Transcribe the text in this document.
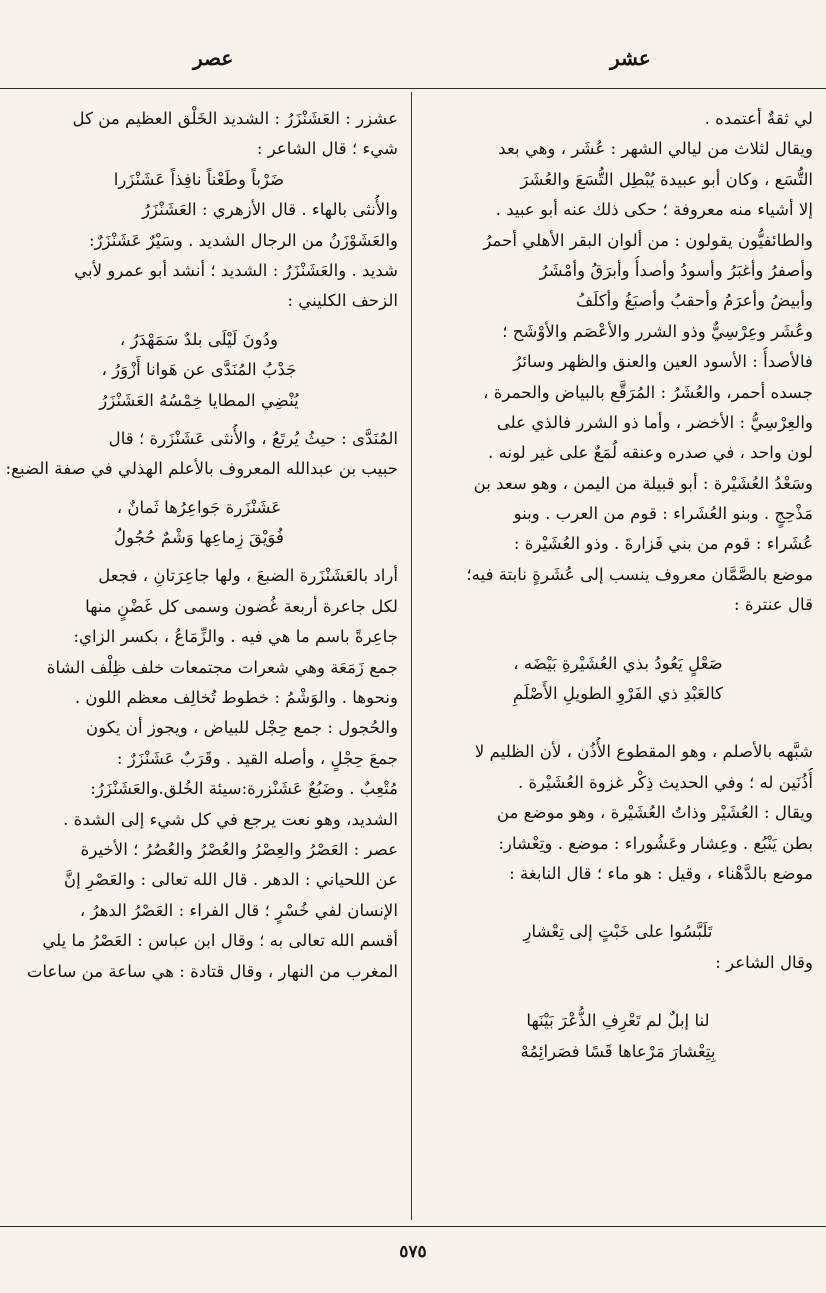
عشر
عصر
لي ثقةٌ أعتمده .
ويقال لثلاث من ليالي الشهر : عُشَر ، وهي بعد
التُّسَع ، وكان أبو عبيدة يُبْطِل التُّسَعَ والعُشَرَ
إلا أشياء منه معروفة ؛ حكى ذلك عنه أبو عبيد .
والطائفيُّون يقولون : من ألوان البقر الأهلي أحمرُ
وأصفرُ وأغبَرُ وأسودُ وأصدأُ وأبرَقُ وأمْشَرُ
وأبيضُ وأعرَمُ وأحقبُ وأصبَغُ وأكلَفُ
وعُشَر وعِرْسِيٌّ وذو الشرر والأعْصَم والأوْشَح ؛
فالأصدأُ : الأسود العين والعنق والظهر وسائرُ
جسده أحمر، والعُشَرُ : المُرَقَّع بالبياض والحمرة ،
والعِرْسِيُّ : الأخضر ، وأما ذو الشرر فالذي على
لون واحد ، في صدره وعنقه لُمَعٌ على غير لونه .
وسَعْدُ العُشَيْرة : أبو قبيلة من اليمن ، وهو سعد بن
مَذْحِجٍ . وبنو العُشَراء : قوم من العرب . وبنو
عُشَراء : قوم من بني فَزارةَ . وذو العُشَيْرة :
موضع بالصَّمَّان معروف ينسب إلى عُشَرةٍ نابتة فيه؛
قال عنترة :
صَعْلٍ يَعُودُ بذي العُشَيْرةِ بَيْضَه ،
كالعَبْدِ ذي الفَرْوِ الطويلِ الأَصْلَمِ
شبَّهه بالأصلم ، وهو المقطوع الأُذُن ، لأن الظليم لا
أُذُنَين له ؛ وفي الحديث ذِكْر غزوة العُشَيْرة .
ويقال : العُشَيْر وذاتُ العُشَيْرة ، وهو موضع من
بطن يَنْبُع . وعِشار وعَشُوراء : موضع . وتِعْشار:
موضع بالدَّهْناء ، وقيل : هو ماء ؛ قال النابغة :
تَلَبَّسُوا على خَبْتٍ إلى تِعْشارِ
وقال الشاعر :
لنا إبلٌ لم تَعْرِفِ الذُّعْرَ بَيْنَها
بِتِعْشارَ مَرْعاها قَسًا فصَرائِمُهْ
عشزر : العَشَنْزَرُ : الشديد الخَلْق العظيم من كل
شيء ؛ قال الشاعر :
ضَرْباً وطَعْناً نافِذاً عَشَنْزَرا
والأُنثى بالهاء . قال الأزهري : العَشَنْزَرُ
والعَشَوْزَنُ من الرجال الشديد . وسَيْرٌ عَشَنْزَرٌ:
شديد . والعَشَنْزَرُ : الشديد ؛ أنشد أبو عمرو لأبي
الزحف الكليني :
ودُونَ لَيْلَى بلدٌ سَمَهْدَرُ ،
جَدْبُ المُنَدَّى عن هَوانا أَزْوَرُ ،
يُنْضِي المطايا خِمْسُهُ العَشَنْزَرُ
المُنَدَّى : حيثُ يُرتَعُ ، والأُنثى عَشَنْزَرة ؛ قال
حبيب بن عبدالله المعروف بالأعلم الهذلي في صفة الضبع:
عَشَنْزَرة جَواعِرُها ثَمانٌ ،
فُوَيْقَ زِماعِها وَشْمٌ حُجُولُ
أراد بالعَشَنْزَرة الضبعَ ، ولها جاعِرَتانِ ، فجعل
لكل جاعرة أربعة غُضون وسمى كل غَضْنٍ منها
جاعِرةً باسم ما هي فيه . والزِّمَاعُ ، بكسر الزاي:
جمع زَمَعَة وهي شعرات مجتمعات خلف ظِلْف الشاة
ونحوها . والوَشْمُ : خطوط تُخالِف معظم اللون .
والحُجول : جمع حِجْل للبياض ، ويجوز أن يكون
جمعَ حِجْلٍ ، وأصله القيد . وقَرَبٌ عَشَنْزَرٌ :
مُتْعِبٌ . وضَبُعٌ عَشَنْزرة:سيئة الخُلق.والعَشَنْزَرُ:
الشديد، وهو نعت يرجع في كل شيء إلى الشدة .
عصر : العَصْرُ والعِصْرُ والعُصْرُ والعُصُرُ ؛ الأخيرة
عن اللحياني : الدهر . قال الله تعالى : والعَصْرِ إنَّ
الإنسان لفي خُسْرٍ ؛ قال الفراء : العَصْرُ الدهرُ ،
أقسم الله تعالى به ؛ وقال ابن عباس : العَصْرُ ما يلي
المغرب من النهار ، وقال قتادة : هي ساعة من ساعات
٥٧٥
